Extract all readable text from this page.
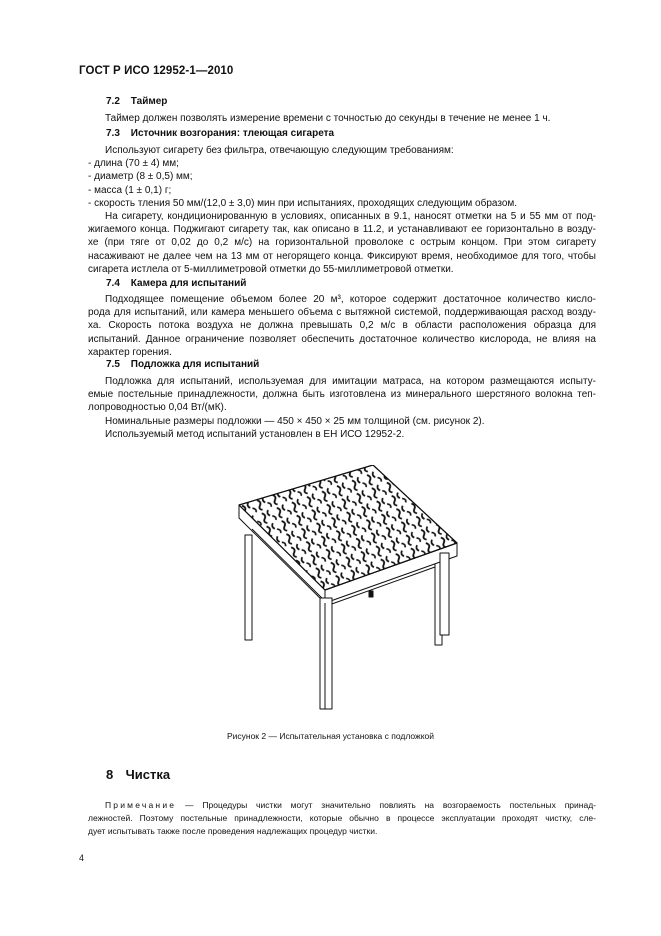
ГОСТ Р ИСО 12952-1—2010
7.2 Таймер
Таймер должен позволять измерение времени с точностью до секунды в течение не менее 1 ч.
7.3 Источник возгорания: тлеющая сигарета
Используют сигарету без фильтра, отвечающую следующим требованиям:
- длина (70 ± 4) мм;
- диаметр (8 ± 0,5) мм;
- масса (1 ± 0,1) г;
- скорость тления 50 мм/(12,0 ± 3,0) мин при испытаниях, проходящих следующим образом.
На сигарету, кондиционированную в условиях, описанных в 9.1, наносят отметки на 5 и 55 мм от под-
жигаемого конца. Поджигают сигарету так, как описано в 11.2, и устанавливают ее горизонтально в возду-
хе (при тяге от 0,02 до 0,2 м/с) на горизонтальной проволоке с острым концом. При этом сигарету
насаживают не далее чем на 13 мм от негорящего конца. Фиксируют время, необходимое для того, чтобы
сигарета истлела от 5-миллиметровой отметки до 55-миллиметровой отметки.
7.4 Камера для испытаний
Подходящее помещение объемом более 20 м³, которое содержит достаточное количество кисло-
рода для испытаний, или камера меньшего объема с вытяжной системой, поддерживающая расход возду-
ха. Скорость потока воздуха не должна превышать 0,2 м/с в области расположения образца для
испытаний. Данное ограничение позволяет обеспечить достаточное количество кислорода, не влияя на
характер горения.
7.5 Подложка для испытаний
Подложка для испытаний, используемая для имитации матраса, на котором размещаются испыту-
емые постельные принадлежности, должна быть изготовлена из минерального шерстяного волокна теп-
лопроводностью 0,04 Вт/(мК).
Номинальные размеры подложки — 450 × 450 × 25 мм толщиной (см. рисунок 2).
Используемый метод испытаний установлен в ЕН ИСО 12952-2.
Рисунок 2 — Испытательная установка с подложкой
8 Чистка
Примечание — Процедуры чистки могут значительно повлиять на возгораемость постельных принад-
лежностей. Поэтому постельные принадлежности, которые обычно в процессе эксплуатации проходят чистку, сле-
дует испытывать также после проведения надлежащих процедур чистки.
4
